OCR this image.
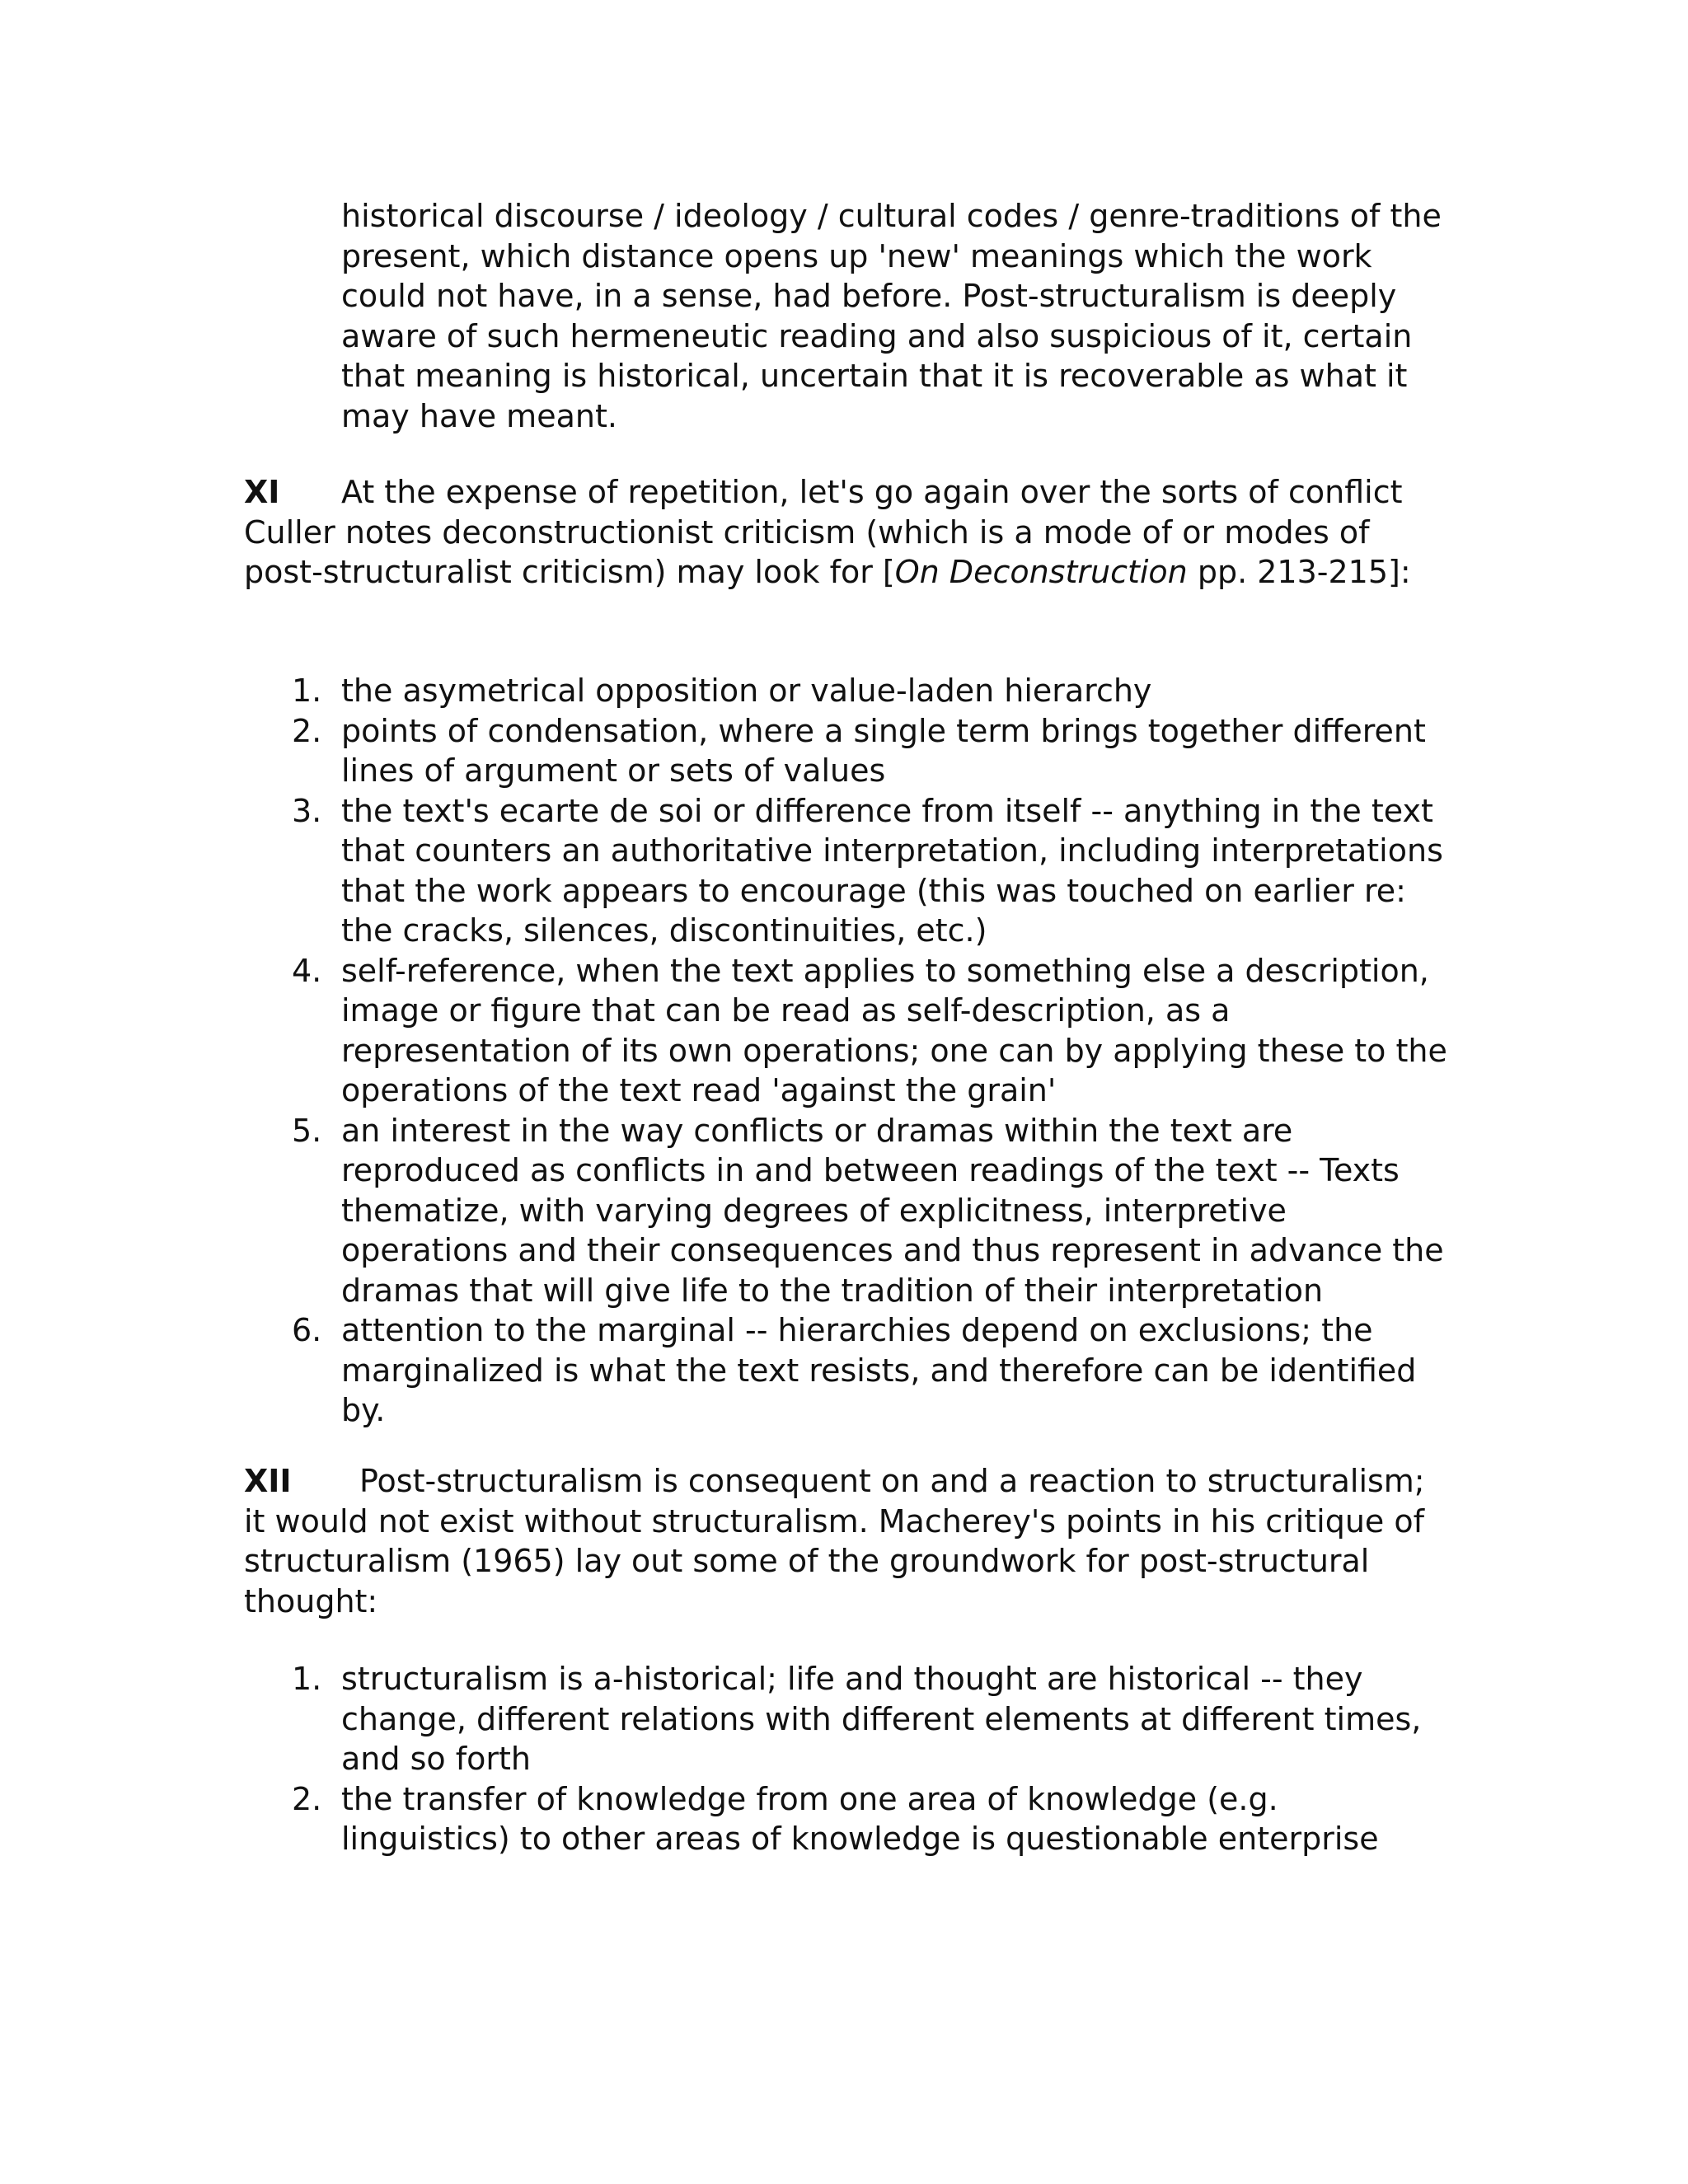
historical discourse / ideology / cultural codes / genre-traditions of the present, which distance opens up 'new' meanings which the work could not have, in a sense, had before. Post-structuralism is deeply aware of such hermeneutic reading and also suspicious of it, certain that meaning is historical, uncertain that it is recoverable as what it may have meant.

XI At the expense of repetition, let's go again over the sorts of conflict Culler notes deconstructionist criticism (which is a mode of or modes of post-structuralist criticism) may look for [On Deconstruction pp. 213-215]:

1. the asymetrical opposition or value-laden hierarchy
2. points of condensation, where a single term brings together different lines of argument or sets of values
3. the text's ecarte de soi or difference from itself -- anything in the text that counters an authoritative interpretation, including interpretations that the work appears to encourage (this was touched on earlier re: the cracks, silences, discontinuities, etc.)
4. self-reference, when the text applies to something else a description, image or figure that can be read as self-description, as a representation of its own operations; one can by applying these to the operations of the text read 'against the grain'
5. an interest in the way conflicts or dramas within the text are reproduced as conflicts in and between readings of the text -- Texts thematize, with varying degrees of explicitness, interpretive operations and their consequences and thus represent in advance the dramas that will give life to the tradition of their interpretation
6. attention to the marginal -- hierarchies depend on exclusions; the marginalized is what the text resists, and therefore can be identified by.

XII Post-structuralism is consequent on and a reaction to structuralism; it would not exist without structuralism. Macherey's points in his critique of structuralism (1965) lay out some of the groundwork for post-structural thought:

1. structuralism is a-historical; life and thought are historical -- they change, different relations with different elements at different times, and so forth
2. the transfer of knowledge from one area of knowledge (e.g. linguistics) to other areas of knowledge is questionable enterprise
